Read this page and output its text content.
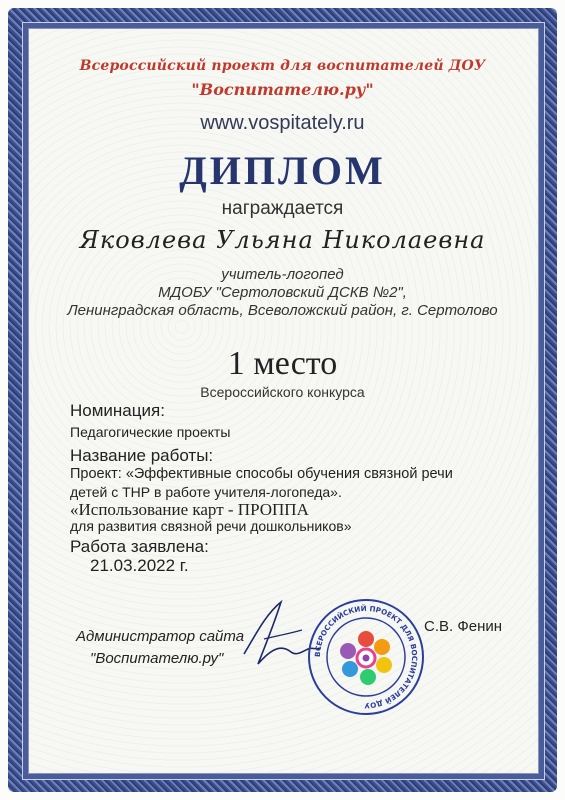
Всероссийский проект для воспитателей ДОУ
"Воспитателю.ру"
www.vospitately.ru
ДИПЛОМ
награждается
Яковлева Ульяна Николаевна
учитель-логопед
МДОБУ "Сертоловский ДСКВ №2",
Ленинградская область, Всеволожский район, г. Сертолово
1 место
Всероссийского конкурса
Номинация:
Педагогические проекты
Название работы:
Проект: «Эффективные способы обучения связной речи
детей с ТНР в работе учителя-логопеда».
«Использование карт - ПРОППА
для развития связной речи дошкольников»
Работа заявлена:
21.03.2022 г.
Администратор сайта
"Воспитателю.ру"
С.В. Фенин
ВСЕРОССИЙСКИЙ ПРОЕКТ ДЛЯ ВОСПИТАТЕЛЕЙ ДОУ
